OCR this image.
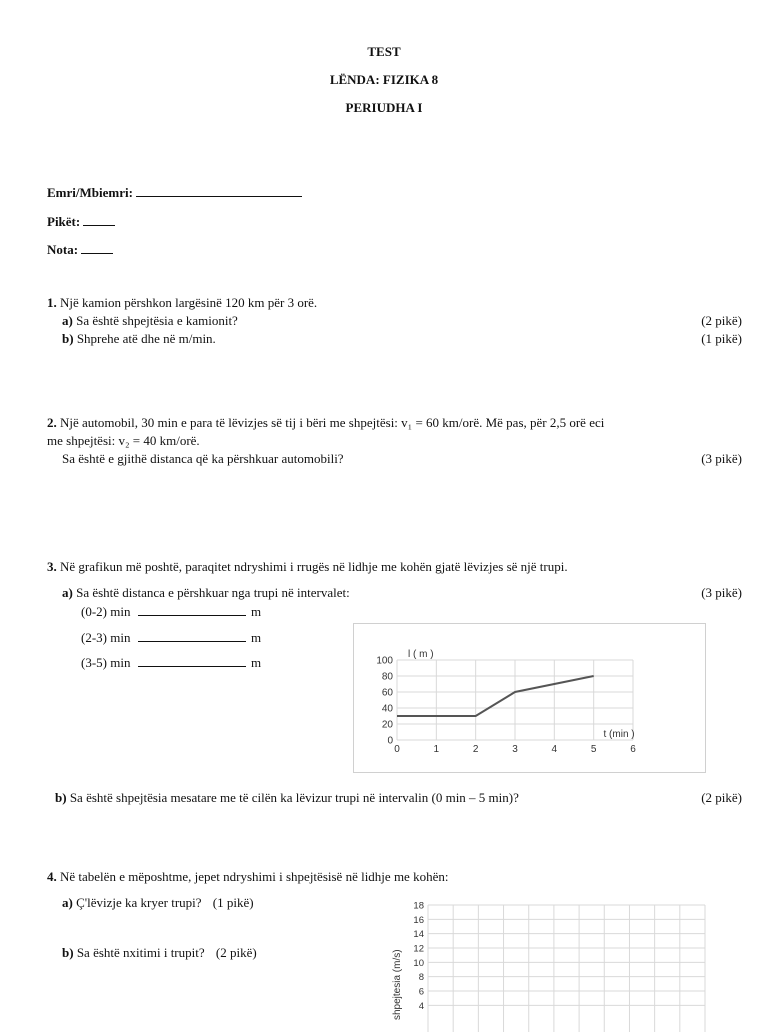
TEST
LËNDA: FIZIKA 8
PERIUDHA I
Emri/Mbiemri:
Pikët:
Nota:
1. Një kamion përshkon largësinë 120 km për 3 orë.
a) Sa është shpejtësia e kamionit?	(2 pikë)
b) Shprehe atë dhe në m/min.	(1 pikë)
2. Një automobil, 30 min e para të lëvizjes së tij i bëri me shpejtësi: v₁ = 60 km/orë. Më pas, për 2,5 orë eci
me shpejtësi: v₂ = 40 km/orë.
Sa është e gjithë distanca që ka përshkuar automobili?	(3 pikë)
3. Në grafikun më poshtë, paraqitet ndryshimi i rrugës në lidhje me kohën gjatë lëvizjes së një trupi.
a) Sa është distanca e përshkuar nga trupi në intervalet:	(3 pikë)
(0-2) min	m
(2-3) min	m
(3-5) min	m
0
20
40
60
80
100
0	1	2	3	4	5	6
l ( m )
t (min )
b) Sa është shpejtësia mesatare me të cilën ka lëvizur trupi në intervalin (0 min – 5 min)?	(2 pikë)
4. Në tabelën e mëposhtme, jepet ndryshimi i shpejtësisë në lidhje me kohën:
a) Ç'lëvizje ka kryer trupi? (1 pikë)
b) Sa është nxitimi i trupit? (2 pikë)
4
6
8
10
12
14
16
18
shpejtesia (m/s)
